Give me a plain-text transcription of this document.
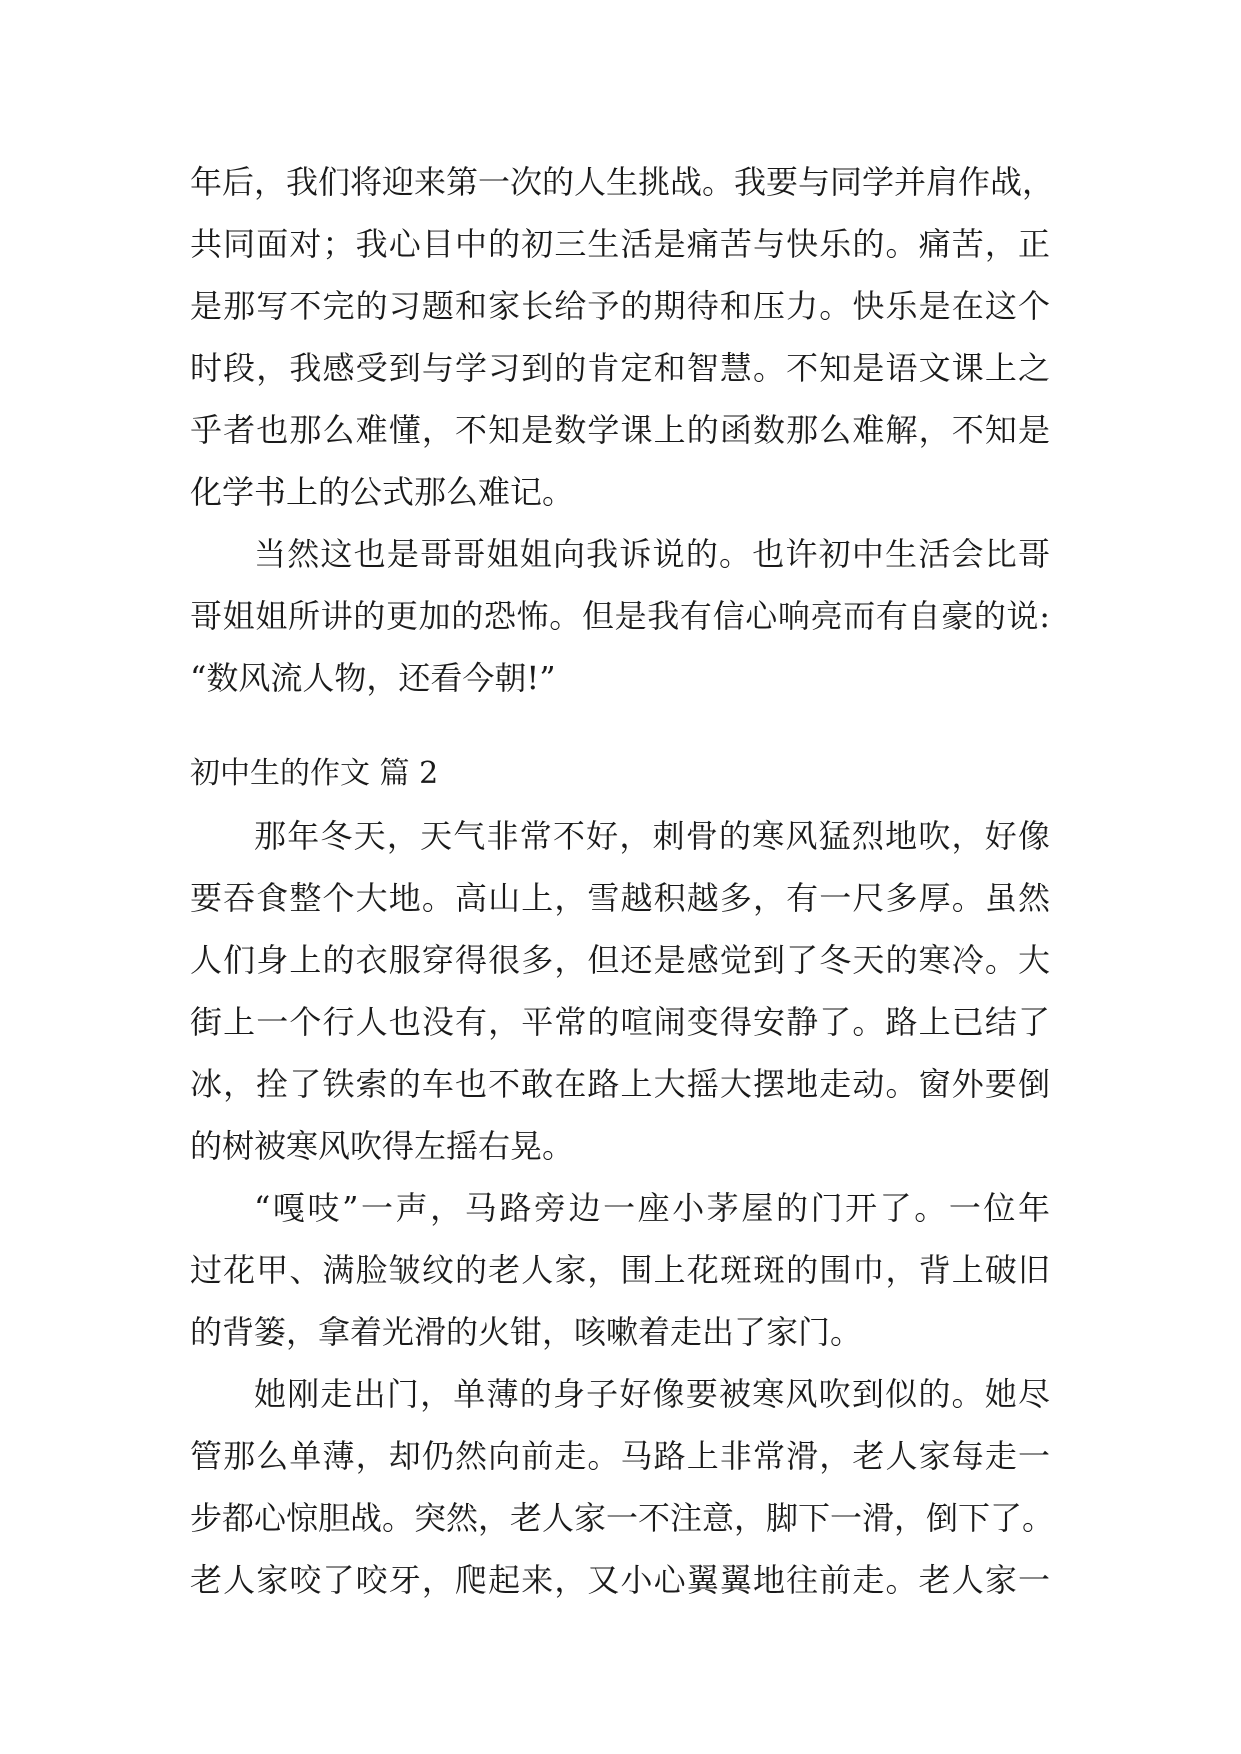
年后，我们将迎来第一次的人生挑战。我要与同学并肩作战，
共同面对；我心目中的初三生活是痛苦与快乐的。痛苦，正
是那写不完的习题和家长给予的期待和压力。快乐是在这个
时段，我感受到与学习到的肯定和智慧。不知是语文课上之
乎者也那么难懂，不知是数学课上的函数那么难解，不知是
化学书上的公式那么难记。
当然这也是哥哥姐姐向我诉说的。也许初中生活会比哥
哥姐姐所讲的更加的恐怖。但是我有信心响亮而有自豪的说:
“数风流人物，还看今朝!”
初中生的作文 篇 2
那年冬天，天气非常不好，刺骨的寒风猛烈地吹，好像
要吞食整个大地。高山上，雪越积越多，有一尺多厚。虽然
人们身上的衣服穿得很多，但还是感觉到了冬天的寒冷。大
街上一个行人也没有，平常的喧闹变得安静了。路上已结了
冰，拴了铁索的车也不敢在路上大摇大摆地走动。窗外要倒
的树被寒风吹得左摇右晃。
“嘎吱”一声，马路旁边一座小茅屋的门开了。一位年
过花甲、满脸皱纹的老人家，围上花斑斑的围巾，背上破旧
的背篓，拿着光滑的火钳，咳嗽着走出了家门。
她刚走出门，单薄的身子好像要被寒风吹到似的。她尽
管那么单薄，却仍然向前走。马路上非常滑，老人家每走一
步都心惊胆战。突然，老人家一不注意，脚下一滑，倒下了。
老人家咬了咬牙，爬起来，又小心翼翼地往前走。老人家一
